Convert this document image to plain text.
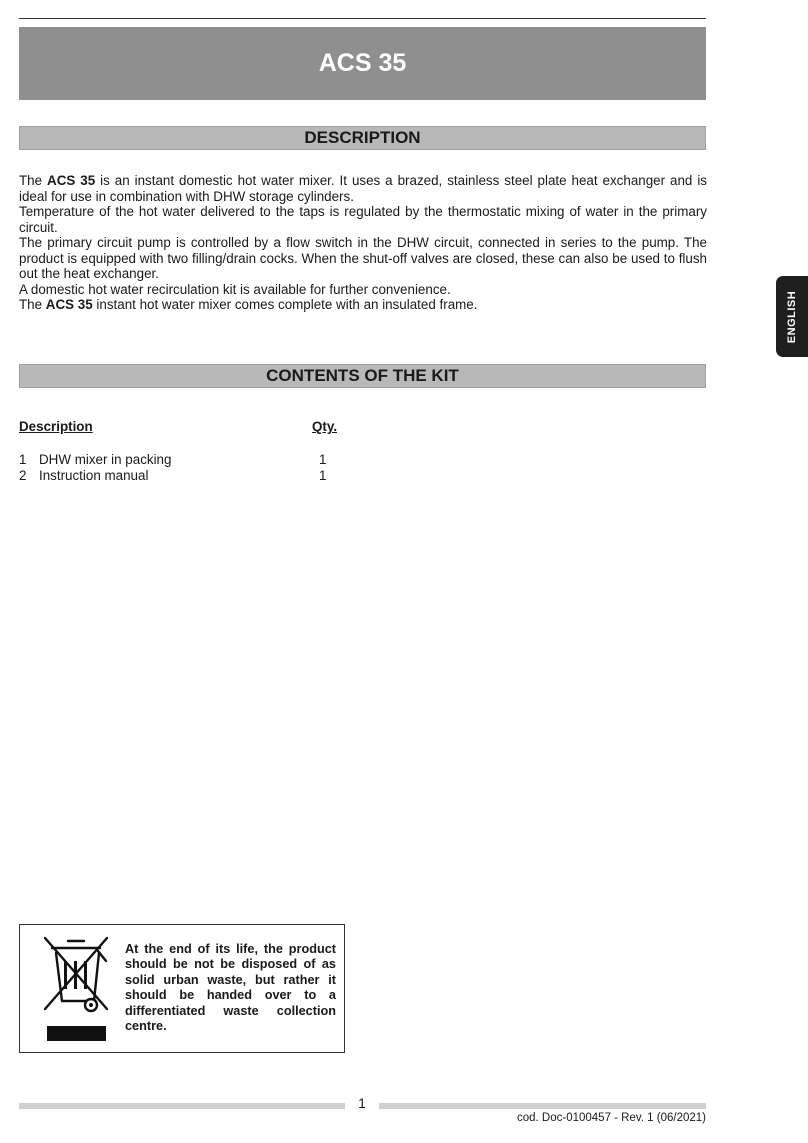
ACS 35
DESCRIPTION

The ACS 35 is an instant domestic hot water mixer. It uses a brazed, stainless steel plate heat exchanger and is ideal for use in combination with DHW storage cylinders.

Temperature of the hot water delivered to the taps is regulated by the thermostatic mixing of water in the primary circuit.

The primary circuit pump is controlled by a flow switch in the DHW circuit, connected in series to the pump. The product is equipped with two filling/drain cocks. When the shut-off valves are closed, these can also be used to flush out the heat exchanger.

A domestic hot water recirculation kit is available for further convenience.

The ACS 35 instant hot water mixer comes complete with an insulated frame.	ENGLISH
CONTENTS OF THE KIT
Description	Qty.
1 DHW mixer in packing	1
2 Instruction manual	1
At the end of its life, the product should be not be disposed of as solid urban waste, but rather it should be handed over to a differentiated waste collection centre.
1
cod. Doc-0100457 - Rev. 1 (06/2021)
